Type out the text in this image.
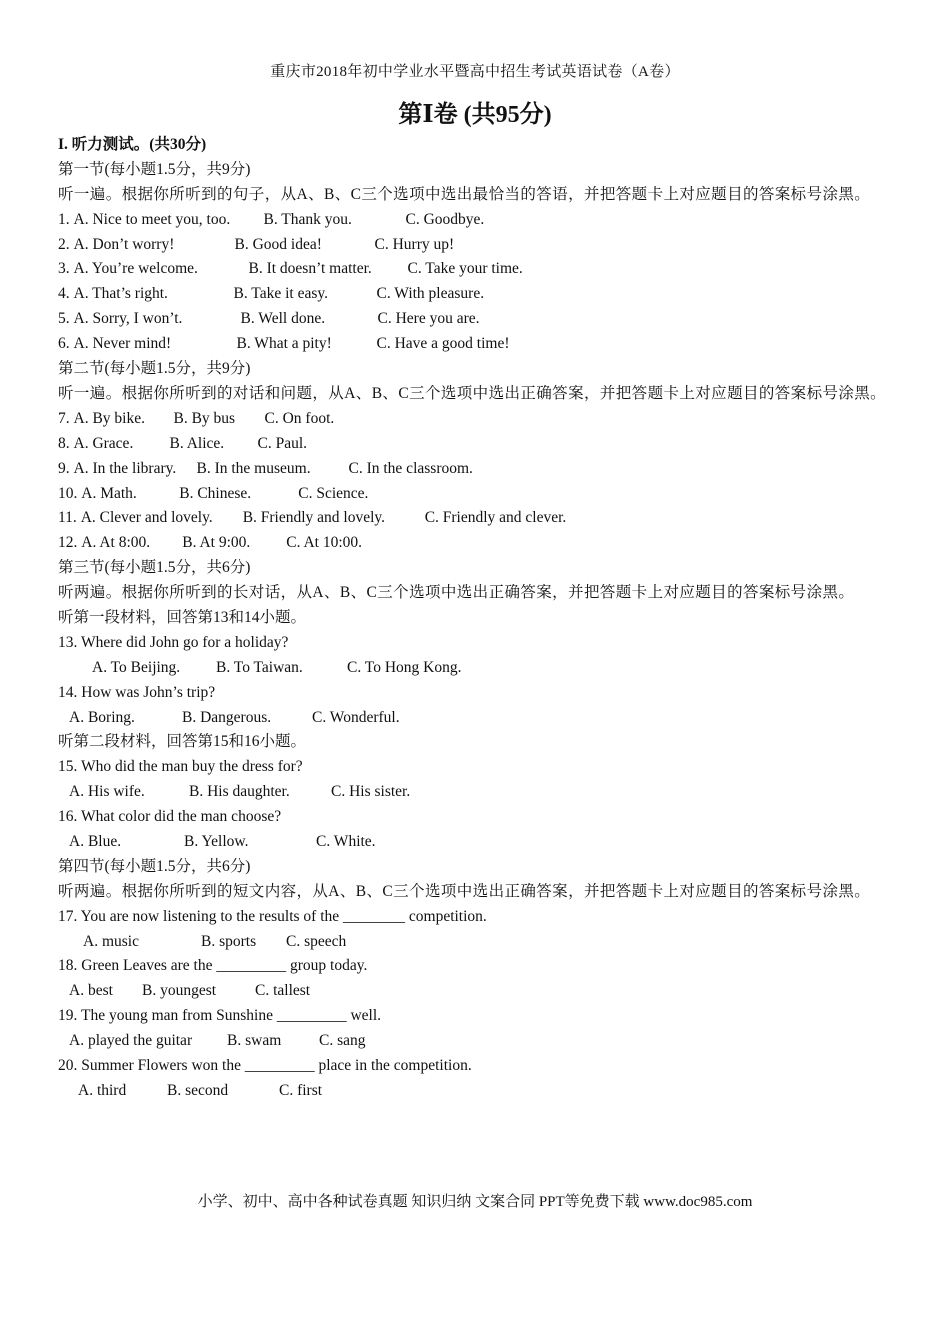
重庆市2018年初中学业水平暨高中招生考试英语试卷（A卷）
第Ⅰ卷 (共95分)
I. 听力测试。(共30分)
第一节(每小题1.5分，共9分)
听一遍。根据你所听到的句子，从A、B、C三个选项中选出最恰当的答语，并把答题卡上对应题目的答案标号涂黑。
1. A. Nice to meet you, too. B. Thank you.	C. Goodbye.
2. A. Don’t worry!	B. Good idea!	C. Hurry up!
3. A. You’re welcome.	B. It doesn’t matter. C. Take your time.
4. A. That’s right.	B. Take it easy.	C. With pleasure.
5. A. Sorry, I won’t.	B. Well done.	C. Here you are.
6. A. Never mind!	B. What a pity!	C. Have a good time!
第二节(每小题1.5分，共9分)
听一遍。根据你所听到的对话和问题，从A、B、C三个选项中选出正确答案，并把答题卡上对应题目的答案标号涂黑。
7. A. By bike. B. By bus C. On foot.
8. A. Grace. B. Alice. C. Paul.
9. A. In the library. B. In the museum. C. In the classroom.
10. A. Math.	B. Chinese.	C. Science.
11. A. Clever and lovely. B. Friendly and lovely.	C. Friendly and clever.
12. A. At 8:00. B. At 9:00. C. At 10:00.
第三节(每小题1.5分，共6分)
听两遍。根据你所听到的长对话，从A、B、C三个选项中选出正确答案，并把答题卡上对应题目的答案标号涂黑。
听第一段材料，回答第13和14小题。
13. Where did John go for a holiday?
A. To Beijing. B. To Taiwan.	C. To Hong Kong.
14. How was John’s trip?
A. Boring.	B. Dangerous.	C. Wonderful.
听第二段材料，回答第15和16小题。
15. Who did the man buy the dress for?
A. His wife.	B. His daughter.	C. His sister.
16. What color did the man choose?
A. Blue.	B. Yellow.	C. White.
第四节(每小题1.5分，共6分)
听两遍。根据你所听到的短文内容，从A、B、C三个选项中选出正确答案，并把答题卡上对应题目的答案标号涂黑。
17. You are now listening to the results of the ________ competition.
A. music	B. sports C. speech
18. Green Leaves are the _________ group today.
A. best B. youngest	C. tallest
19. The young man from Sunshine _________ well.
A. played the guitar B. swam C. sang
20. Summer Flowers won the _________ place in the competition.
A. third	B. second	C. first
小学、初中、高中各种试卷真题 知识归纳 文案合同 PPT等免费下载 www.doc985.com
